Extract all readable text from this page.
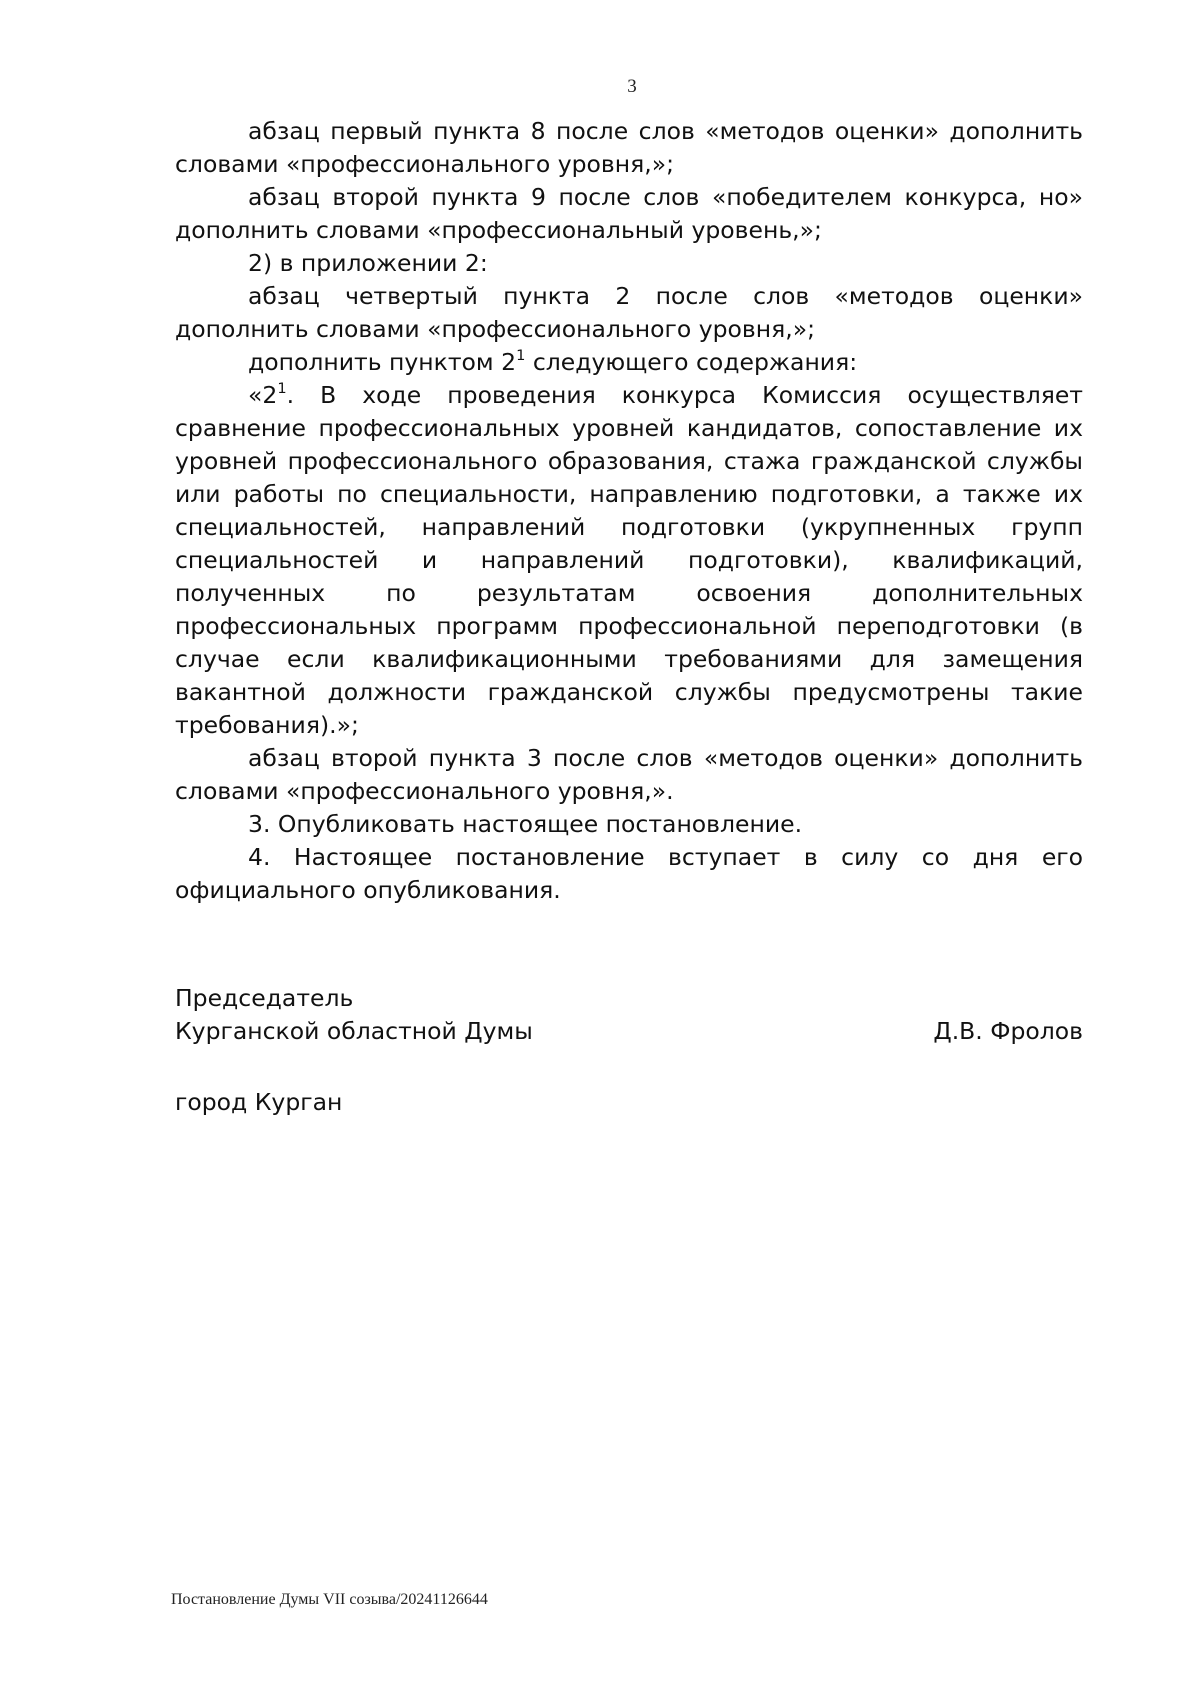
3

абзац первый пункта 8 после слов «методов оценки» дополнить словами «профессионального уровня,»;

абзац второй пункта 9 после слов «победителем конкурса, но» дополнить словами «профессиональный уровень,»;

2) в приложении 2:

абзац четвертый пункта 2 после слов «методов оценки» дополнить словами «профессионального уровня,»;

дополнить пунктом $2^1$ следующего содержания:

«$2^1$. В ходе проведения конкурса Комиссия осуществляет сравнение профессиональных уровней кандидатов, сопоставление их уровней профессионального образования, стажа гражданской службы или работы по специальности, направлению подготовки, а также их специальностей, направлений подготовки (укрупненных групп специальностей и направлений подготовки), квалификаций, полученных по результатам освоения дополнительных профессиональных программ профессиональной переподготовки (в случае если квалификационными требованиями для замещения вакантной должности гражданской службы предусмотрены такие требования).»;

абзац второй пункта 3 после слов «методов оценки» дополнить словами «профессионального уровня,».

3. Опубликовать настоящее постановление.

4. Настоящее постановление вступает в силу со дня его официального опубликования.

Председатель
Курганской областной Думы	Д.В. Фролов
город Курган
Постановление Думы VII созыва/20241126644
